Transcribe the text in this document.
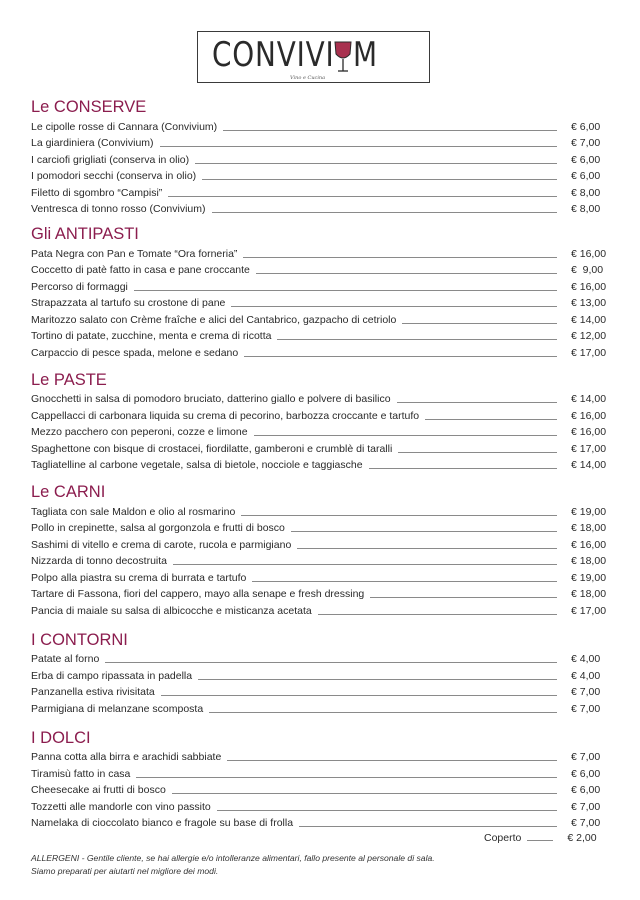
CONVIVI M
Vino e Cucina
Le CONSERVE
Le cipolle rosse di Cannara (Convivium)	€ 6,00
La giardiniera (Convivium)	€ 7,00
I carciofi grigliati (conserva in olio)	€ 6,00
I pomodori secchi (conserva in olio)	€ 6,00
Filetto di sgombro “Campisi”	€ 8,00
Ventresca di tonno rosso (Convivium)	€ 8,00
Gli ANTIPASTI
Pata Negra con Pan e Tomate “Ora forneria”	€ 16,00
Coccetto di patè fatto in casa e pane croccante	€  9,00
Percorso di formaggi	€ 16,00
Strapazzata al tartufo su crostone di pane	€ 13,00
Maritozzo salato con Crème fraîche e alici del Cantabrico, gazpacho di cetriolo	€ 14,00
Tortino di patate, zucchine, menta e crema di ricotta	€ 12,00
Carpaccio di pesce spada, melone e sedano	€ 17,00
Le PASTE
Gnocchetti in salsa di pomodoro bruciato, datterino giallo e polvere di basilico	€ 14,00
Cappellacci di carbonara liquida su crema di pecorino, barbozza croccante e tartufo	€ 16,00
Mezzo pacchero con peperoni, cozze e limone	€ 16,00
Spaghettone con bisque di crostacei, fiordilatte, gamberoni e crumblè di taralli	€ 17,00
Tagliatelline al carbone vegetale, salsa di bietole, nocciole e taggiasche	€ 14,00
Le CARNI
Tagliata con sale Maldon e olio al rosmarino	€ 19,00
Pollo in crepinette, salsa al gorgonzola e frutti di bosco	€ 18,00
Sashimi di vitello e crema di carote, rucola e parmigiano	€ 16,00
Nizzarda di tonno decostruita	€ 18,00
Polpo alla piastra su crema di burrata e tartufo	€ 19,00
Tartare di Fassona, fiori del cappero, mayo alla senape e fresh dressing	€ 18,00
Pancia di maiale su salsa di albicocche e misticanza acetata	€ 17,00
I CONTORNI
Patate al forno	€ 4,00
Erba di campo ripassata in padella	€ 4,00
Panzanella estiva rivisitata	€ 7,00
Parmigiana di melanzane scomposta	€ 7,00
I DOLCI
Panna cotta alla birra e arachidi sabbiate	€ 7,00
Tiramisù fatto in casa	€ 6,00
Cheesecake ai frutti di bosco	€ 6,00
Tozzetti alle mandorle con vino passito	€ 7,00
Namelaka di cioccolato bianco e fragole su base di frolla	€ 7,00
Coperto	€ 2,00
ALLERGENI - Gentile cliente, se hai allergie e/o intolleranze alimentari, fallo presente al personale di sala. Siamo preparati per aiutarti nel migliore dei modi.
